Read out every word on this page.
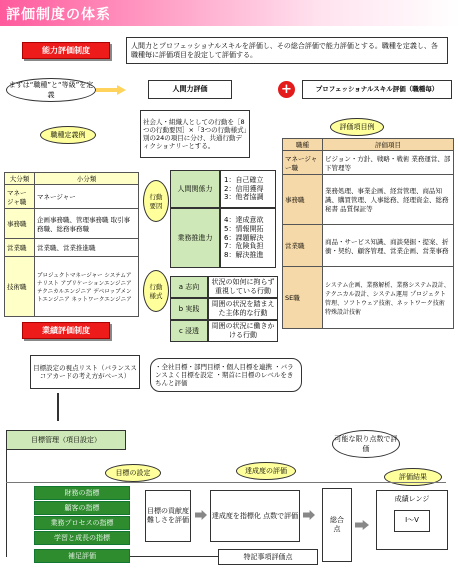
評価制度の体系
能力評価制度
人間力とプロフェッショナルスキルを評価し、その総合評価で能力評価とする。職種を定義し、各職種毎に評価項目を設定して評価する。
まずは“職種”と“等級”を定義
人間力評価	+	プロフェッショナルスキル評価（職種毎）
社会人・組織人としての行動を［8つの行動要因］×「3つの行動様式」別の24の項目に分け、共通行動ディクショナリーとする。
職種定義例
評価項目例
大分類	小分類
マネージャ職	マネージャー
事務職	企画事務職、管理事務職 取引事務職、総務事務職
営業職	営業職、営業推進職
技術職	プロジェクトマネージャー システムアナリスト アプリケーションエンジニア テクニカルエンジニア デベロップメントエンジニア ネットワークエンジニア
行動要因
人間関係力
1：自己確立 2：信用獲得 3：他者協調
業務推進力
4：達成意欲 5：情報開拓 6：課題解決 7：危険負担 8：解決推進
行動様式
a 志向
状況の如何に拘らず重視している行動
b 実践
周囲の状況を踏まえた主体的な行動
c 浸透
周囲の状況に働きかける行動
職種	評価項目
マネージャー職	ビジョン・方針、戦略・戦術 業務運営、部下管理等
事務職	業務処理、事業企画、経営管理、商品知識、購買管理、人事総務、経理資金、総務秘書 品質保証等
営業職	商品・サービス知識、商談発掘・提案、折衝・契約、顧客管理、営業企画、営業事務
SE職	システム企画、業務解析、業務システム設計、テクニカル設計、システム運用 プロジェクト管理、ソフトウェア技術、ネットワーク技術 特殊設計技術
業績評価制度
目標設定の視点リスト（バランススコアカードの考え方がベース）
・全社目標・部門目標・個人目標を連携 ・バランスよく目標を設定 ・期首に目標のレベルをきちんと評価
目標管理（項目設定）
目標の設定	達成度の評価
可能な限り点数で評価
評価結果
財務の指標
顧客の指標
業務プロセスの指標
学習と成長の指標
補足評価
目標の貢献度 難しさを評価
達成度を指標化 点数で評価
総合点
特記事項評価点
成績レンジ
I～V
